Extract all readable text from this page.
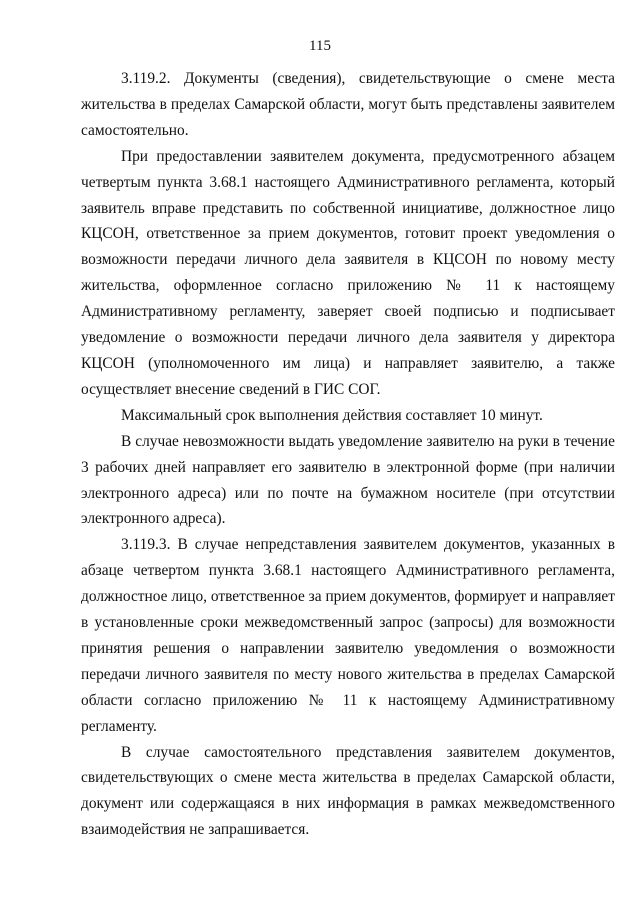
115

3.119.2. Документы (сведения), свидетельствующие о смене места жительства в пределах Самарской области, могут быть представлены заявителем самостоятельно.

При предоставлении заявителем документа, предусмотренного абзацем четвертым пункта 3.68.1 настоящего Административного регламента, который заявитель вправе представить по собственной инициативе, должностное лицо КЦСОН, ответственное за прием документов, готовит проект уведомления о возможности передачи личного дела заявителя в КЦСОН по новому месту жительства, оформленное согласно приложению № 11 к настоящему Административному регламенту, заверяет своей подписью и подписывает уведомление о возможности передачи личного дела заявителя у директора КЦСОН (уполномоченного им лица) и направляет заявителю, а также осуществляет внесение сведений в ГИС СОГ.

Максимальный срок выполнения действия составляет 10 минут.

В случае невозможности выдать уведомление заявителю на руки в течение 3 рабочих дней направляет его заявителю в электронной форме (при наличии электронного адреса) или по почте на бумажном носителе (при отсутствии электронного адреса).

3.119.3. В случае непредставления заявителем документов, указанных в абзаце четвертом пункта 3.68.1 настоящего Административного регламента, должностное лицо, ответственное за прием документов, формирует и направляет в установленные сроки межведомственный запрос (запросы) для возможности принятия решения о направлении заявителю уведомления о возможности передачи личного заявителя по месту нового жительства в пределах Самарской области согласно приложению № 11 к настоящему Административному регламенту.

В случае самостоятельного представления заявителем документов, свидетельствующих о смене места жительства в пределах Самарской области, документ или содержащаяся в них информация в рамках межведомственного взаимодействия не запрашивается.
